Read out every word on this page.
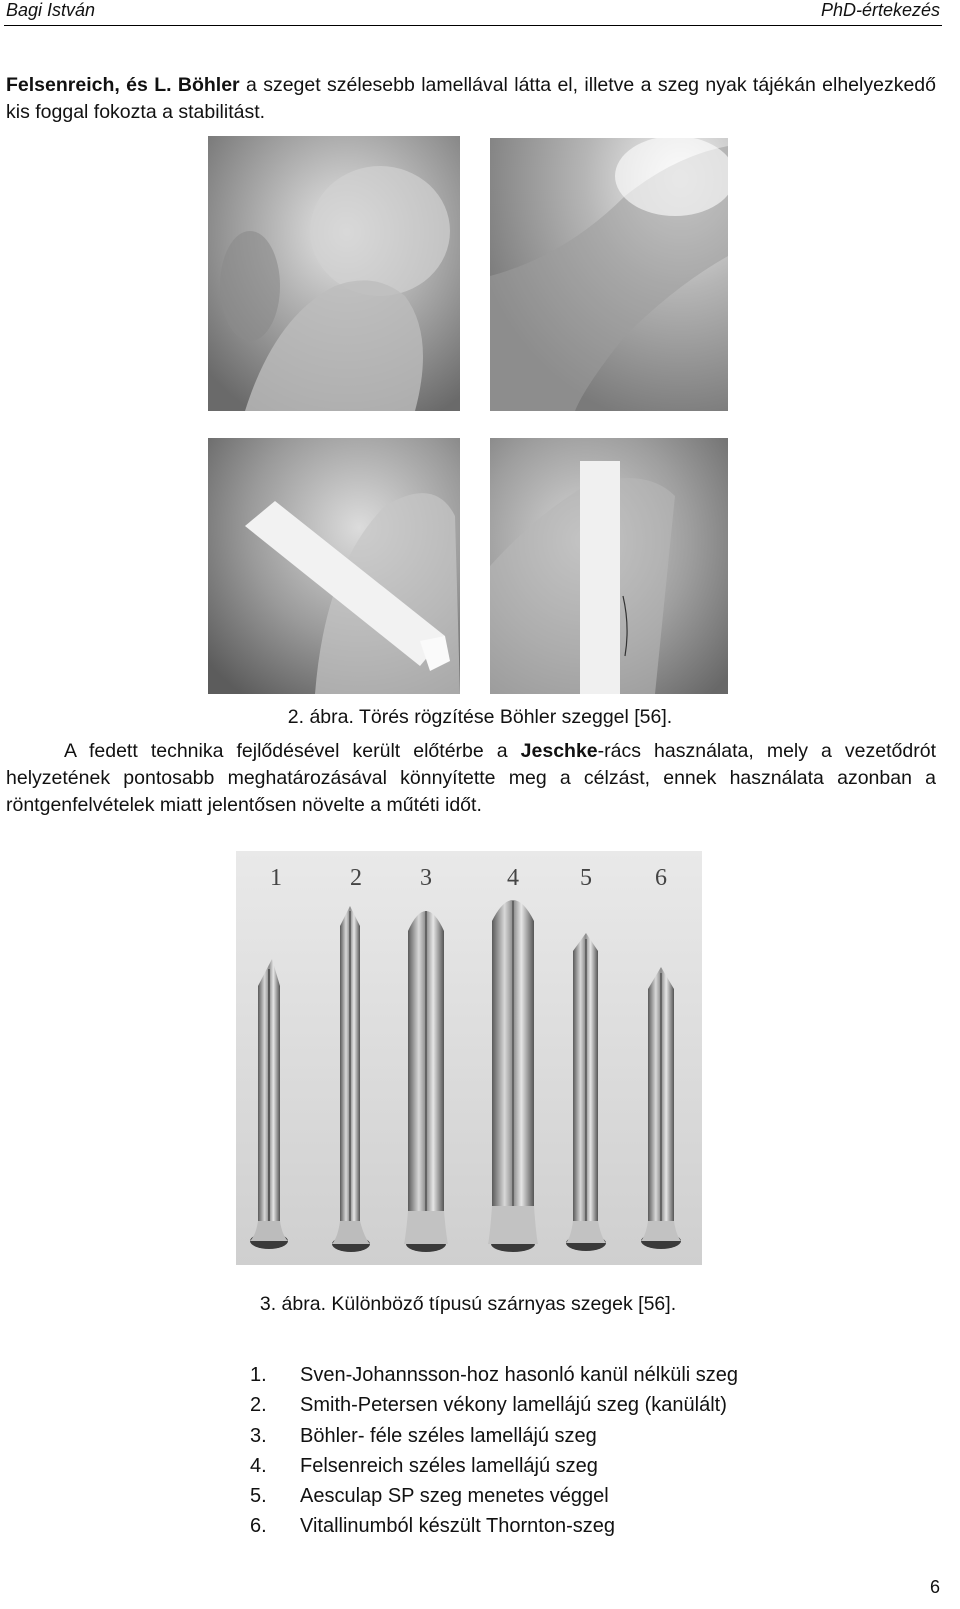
Bagi István	PhD-értekezés

Felsenreich, és L. Böhler a szeget szélesebb lamellával látta el, illetve a szeg nyak tájékán elhelyezkedő kis foggal fokozta a stabilitást.

2. ábra. Törés rögzítése Böhler szeggel [56].

A fedett technika fejlődésével került előtérbe a Jeschke-rács használata, mely a vezetődrót helyzetének pontosabb meghatározásával könnyítette meg a célzást, ennek használata azonban a röntgenfelvételek miatt jelentősen növelte a műtéti időt.

1	2 3	4	5	6
3. ábra. Különböző típusú szárnyas szegek [56].
1. Sven-Johannsson-hoz hasonló kanül nélküli szeg
2. Smith-Petersen vékony lamellájú szeg (kanülált)
3. Böhler- féle széles lamellájú szeg
4. Felsenreich széles lamellájú szeg
5. Aesculap SP szeg menetes véggel
6. Vitallinumból készült Thornton-szeg
6
